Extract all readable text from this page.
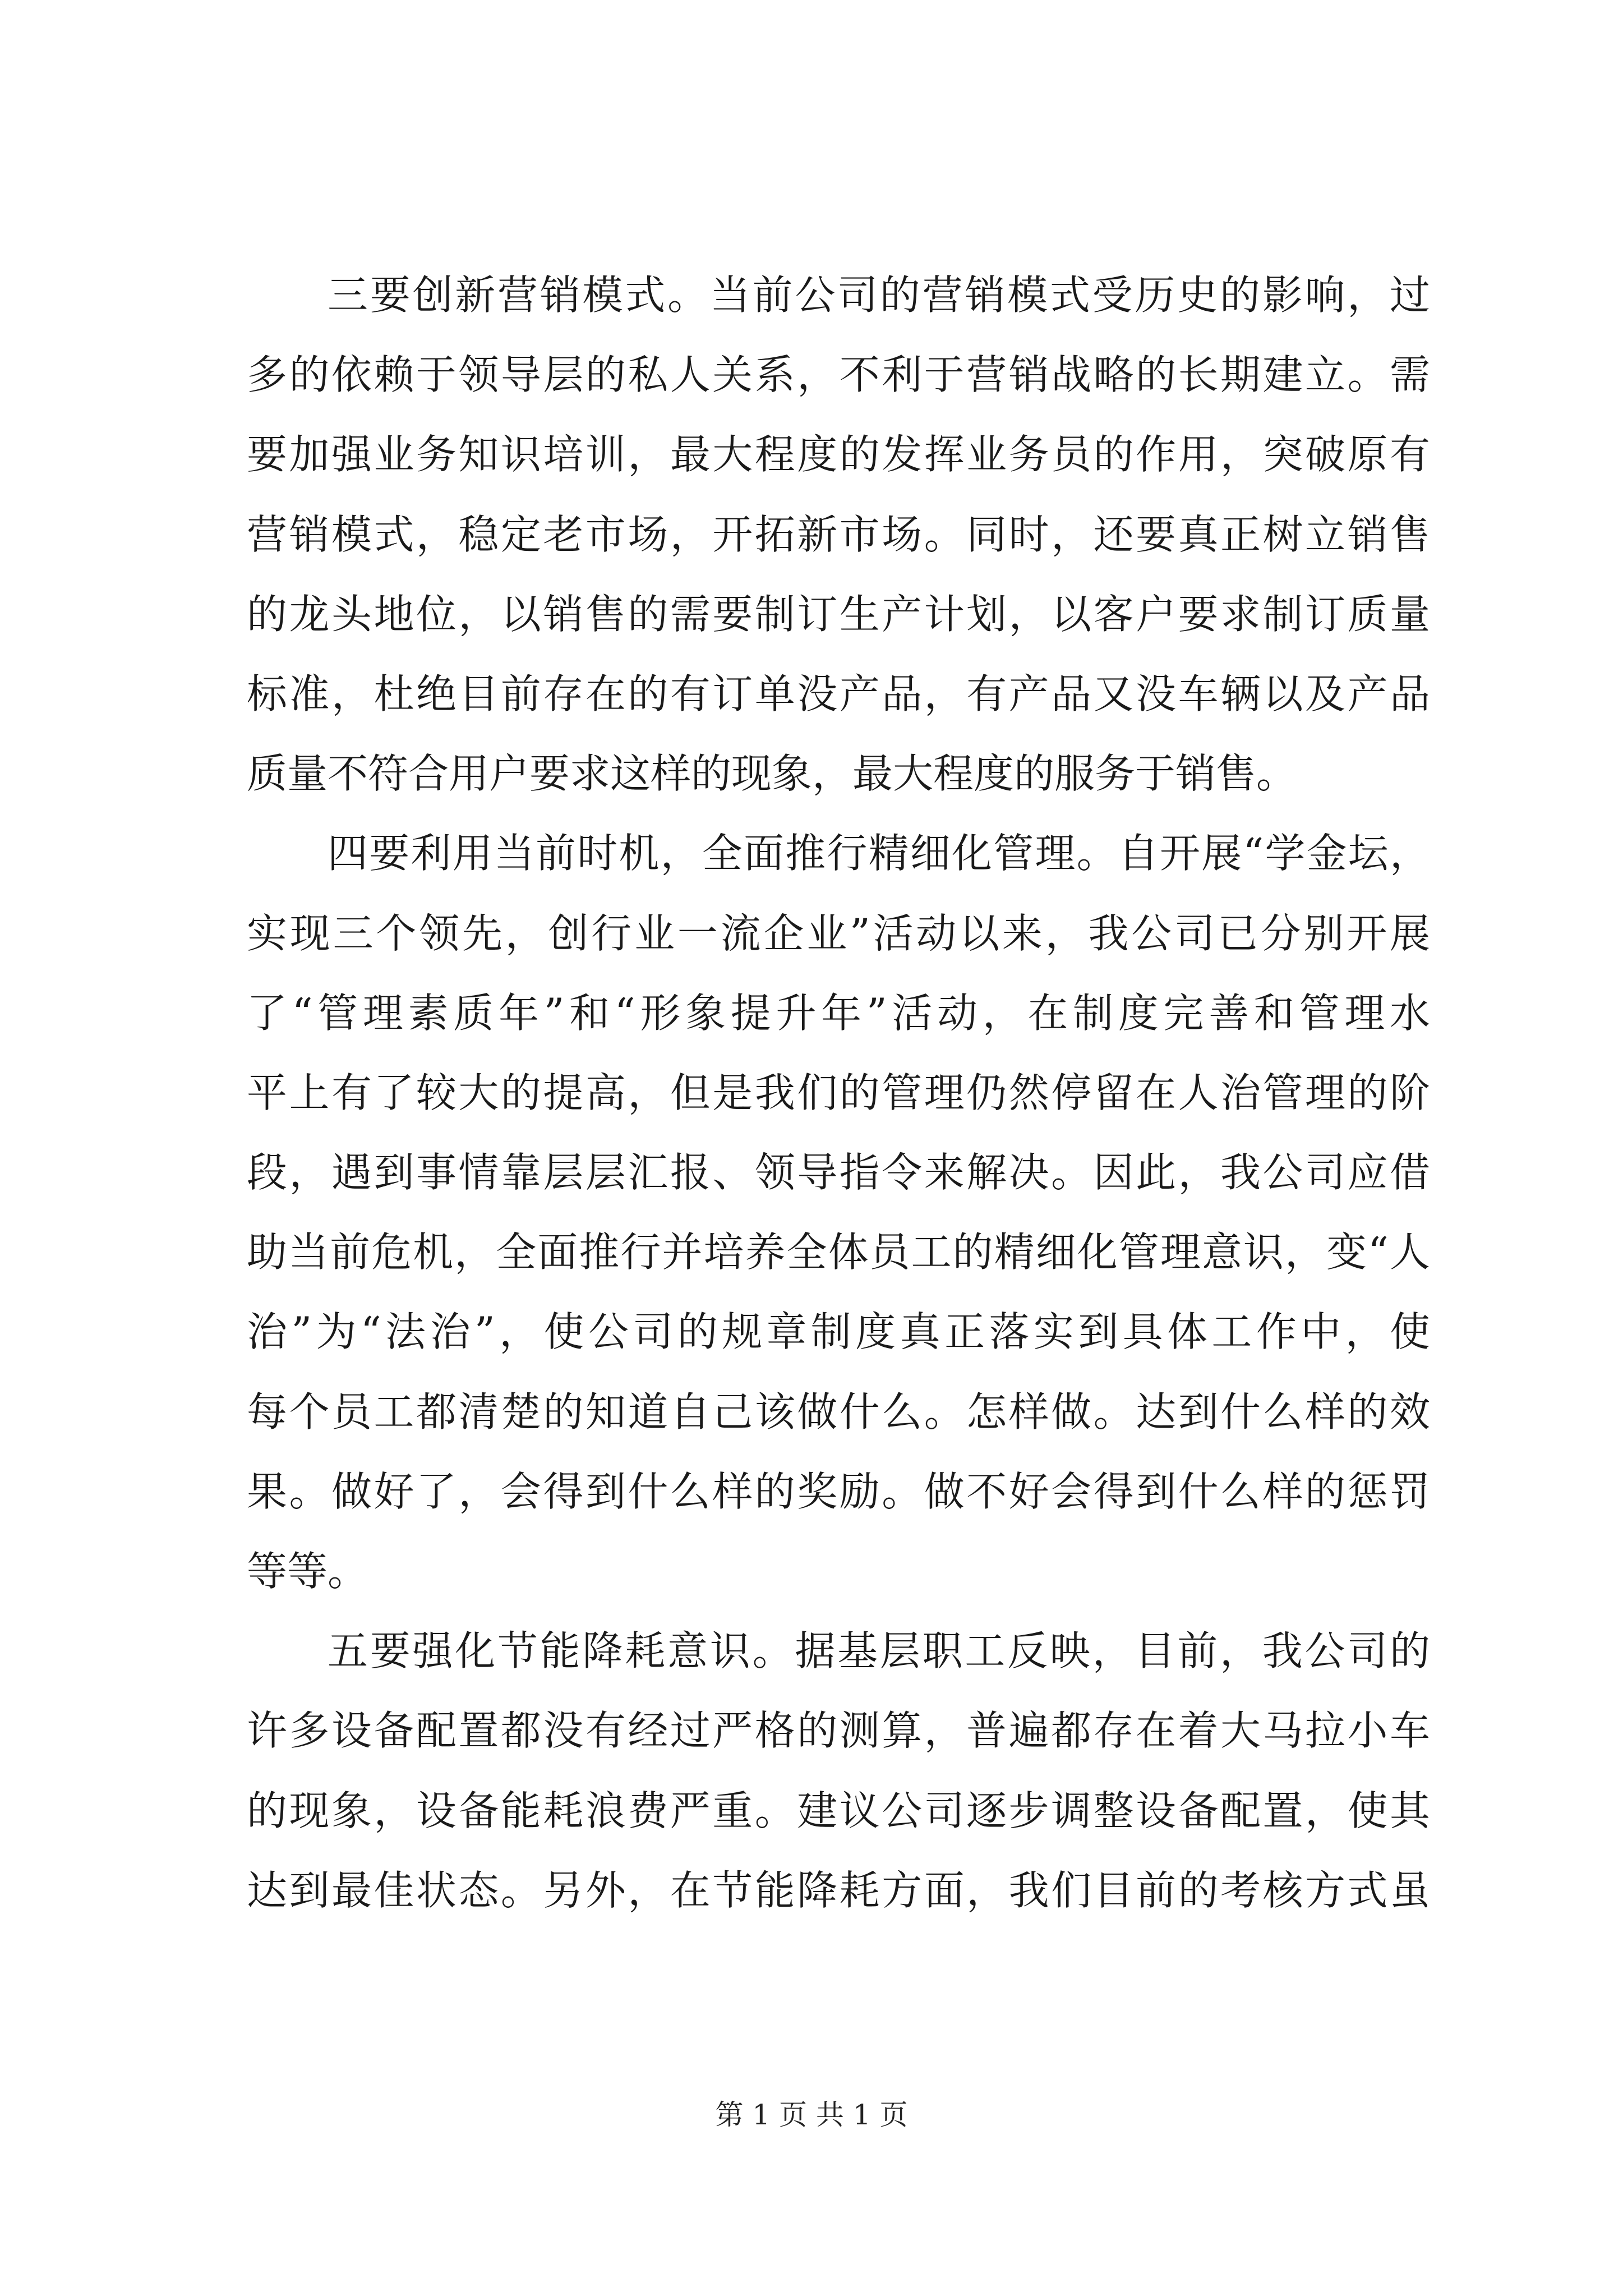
三要创新营销模式。当前公司的营销模式受历史的影响，过
多的依赖于领导层的私人关系，不利于营销战略的长期建立。需
要加强业务知识培训，最大程度的发挥业务员的作用，突破原有
营销模式，稳定老市场，开拓新市场。同时，还要真正树立销售
的龙头地位，以销售的需要制订生产计划，以客户要求制订质量
标准，杜绝目前存在的有订单没产品，有产品又没车辆以及产品
质量不符合用户要求这样的现象，最大程度的服务于销售。
四要利用当前时机，全面推行精细化管理。自开展“学金坛，
实现三个领先，创行业一流企业”活动以来，我公司已分别开展
了“管理素质年”和“形象提升年”活动，在制度完善和管理水
平上有了较大的提高，但是我们的管理仍然停留在人治管理的阶
段，遇到事情靠层层汇报、领导指令来解决。因此，我公司应借
助当前危机，全面推行并培养全体员工的精细化管理意识，变“人
治”为“法治”，使公司的规章制度真正落实到具体工作中，使
每个员工都清楚的知道自己该做什么。怎样做。达到什么样的效
果。做好了，会得到什么样的奖励。做不好会得到什么样的惩罚
等等。
五要强化节能降耗意识。据基层职工反映，目前，我公司的
许多设备配置都没有经过严格的测算，普遍都存在着大马拉小车
的现象，设备能耗浪费严重。建议公司逐步调整设备配置，使其
达到最佳状态。另外，在节能降耗方面，我们目前的考核方式虽
第 1 页 共 1 页
